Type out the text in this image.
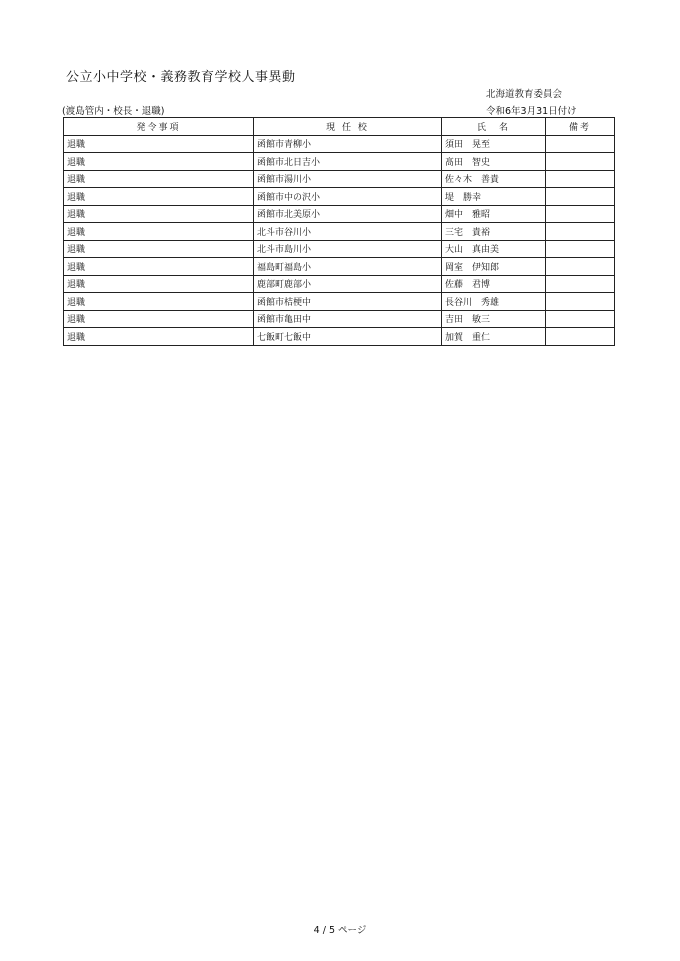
公立小中学校・義務教育学校人事異動
北海道教育委員会
(渡島管内・校長・退職)	令和6年3月31日付け
発令事項	現 任 校	氏　名	備考
退職	函館市青柳小	須田　晃至	
退職	函館市北日吉小	髙田　智史	
退職	函館市湯川小	佐々木　善貴	
退職	函館市中の沢小	堤　勝幸	
退職	函館市北美原小	畑中　雅昭	
退職	北斗市谷川小	三宅　貴裕	
退職	北斗市島川小	大山　真由美	
退職	福島町福島小	岡室　伊知郎	
退職	鹿部町鹿部小	佐藤　君博	
退職	函館市桔梗中	長谷川　秀雄	
退職	函館市亀田中	吉田　敏三	
退職	七飯町七飯中	加賀　重仁	
4 / 5 ページ
